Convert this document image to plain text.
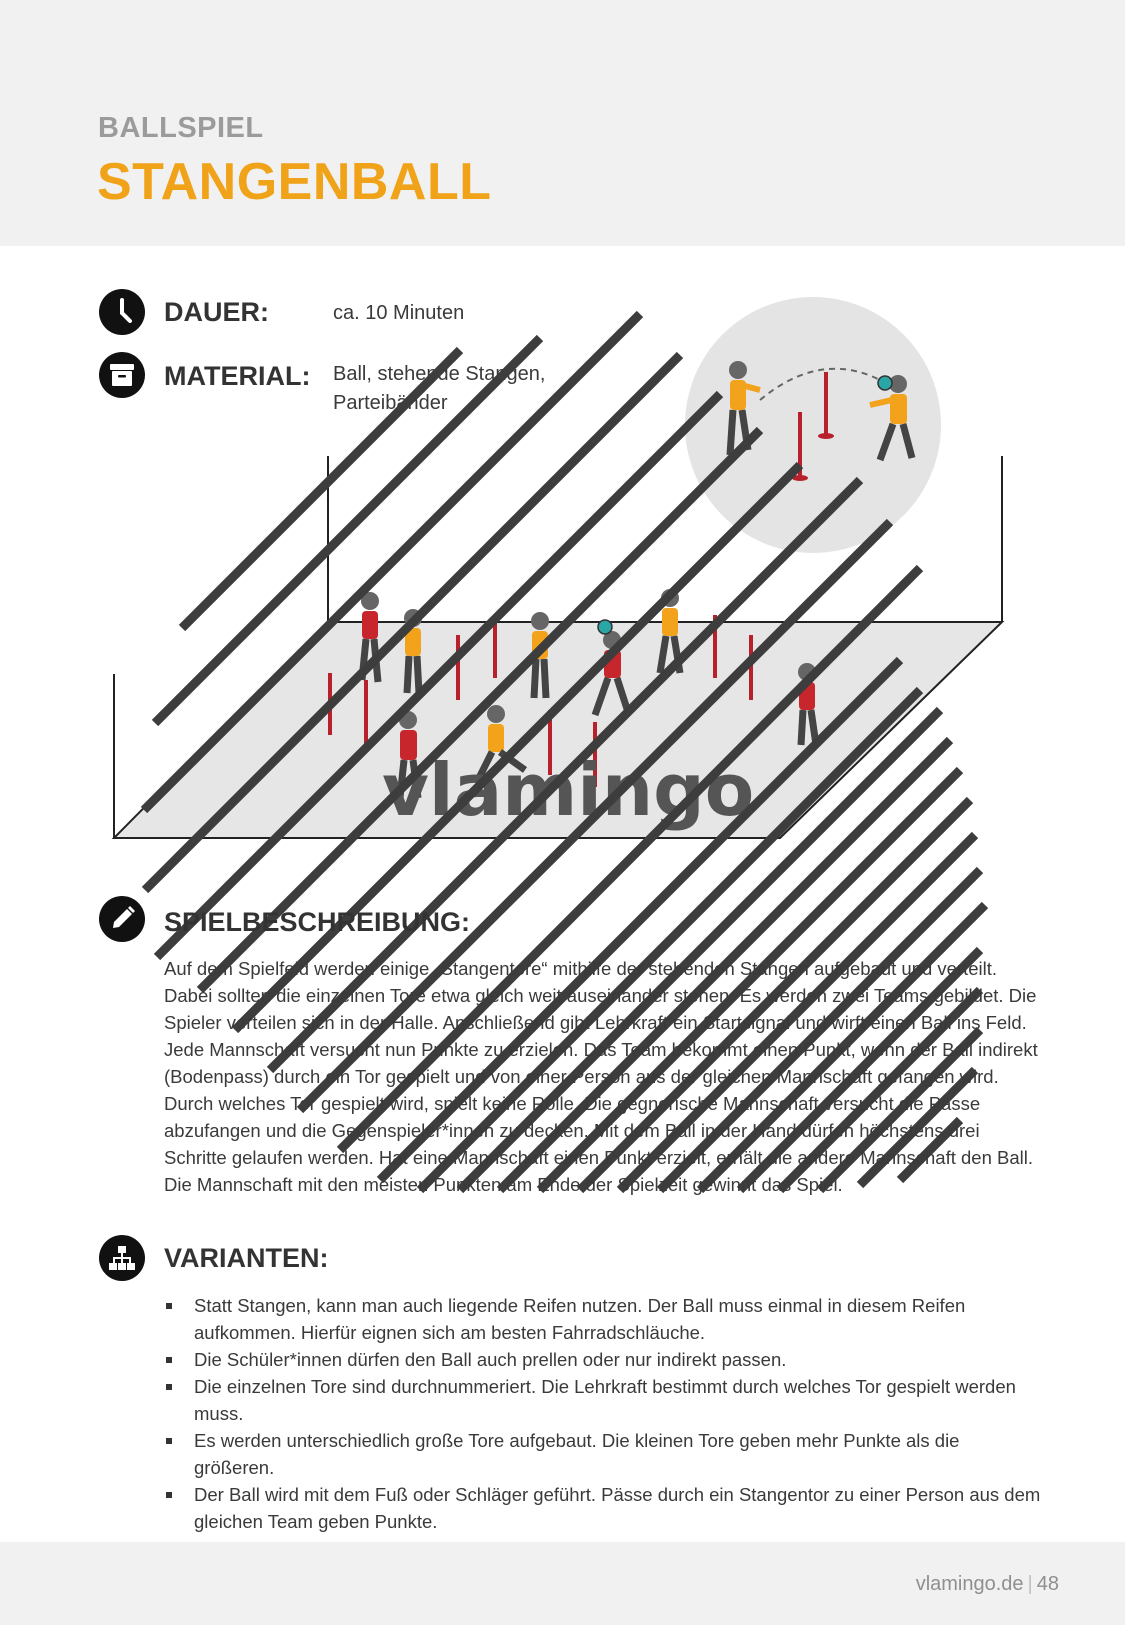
BALLSPIEL
STANGENBALL
DAUER:	ca. 10 Minuten
MATERIAL: Ball, stehende Stangen,
Parteibänder
vlamingo
SPIELBESCHREIBUNG:

Auf dem Spielfeld werden einige „Stangentore“ mithilfe der stehenden Stangen aufgebaut und verteilt. Dabei sollten die einzelnen Tore etwa gleich weit auseinander stehen. Es werden zwei Teams gebildet. Die Spieler verteilen sich in der Halle. Anschließend gibt Lehrkraft ein Startsignal und wirft einen Ball ins Feld. Jede Mannschaft versucht nun Punkte zu erzielen. Das Team bekommt einen Punkt, wenn der Ball indirekt (Bodenpass) durch ein Tor gespielt und von einer Person aus der gleichen Mannschaft gefangen wird. Durch welches Tor gespielt wird, spielt keine Rolle. Die gegnerische Mannschaft versucht die Pässe abzufangen und die Gegenspieler*innen zu decken. Mit dem Ball in der Hand dürfen höchstens drei Schritte gelaufen werden. Hat eine Mannschaft einen Punkt erzielt, erhält die andere Mannschaft den Ball. Die Mannschaft mit den meisten Punkten am Ende der Spielzeit gewinnt das Spiel.

VARIANTEN:
Statt Stangen, kann man auch liegende Reifen nutzen. Der Ball muss einmal in diesem Reifen aufkommen. Hierfür eignen sich am besten Fahrradschläuche.
Die Schüler*innen dürfen den Ball auch prellen oder nur indirekt passen.
Die einzelnen Tore sind durchnummeriert. Die Lehrkraft bestimmt durch welches Tor gespielt werden muss.
Es werden unterschiedlich große Tore aufgebaut. Die kleinen Tore geben mehr Punkte als die größeren.
Der Ball wird mit dem Fuß oder Schläger geführt. Pässe durch ein Stangentor zu einer Person aus dem gleichen Team geben Punkte.
vlamingo.de | 48
